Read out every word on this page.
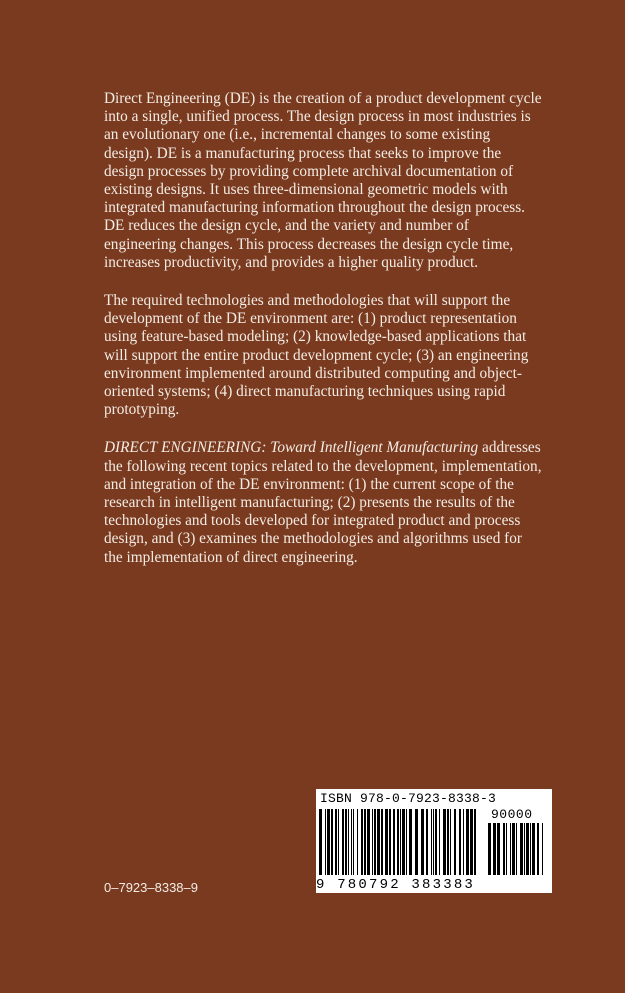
Direct Engineering (DE) is the creation of a product development cycle into a single, unified process. The design process in most industries is an evolutionary one (i.e., incremental changes to some existing design). DE is a manufacturing process that seeks to improve the design processes by providing complete archival documentation of existing designs. It uses three-dimensional geometric models with integrated manufacturing information throughout the design process. DE reduces the design cycle, and the variety and number of engineering changes. This process decreases the design cycle time, increases productivity, and provides a higher quality product.

The required technologies and methodologies that will support the development of the DE environment are: (1) product representation using feature-based modeling; (2) knowledge-based applications that will support the entire product development cycle; (3) an engineering environment implemented around distributed computing and object-oriented systems; (4) direct manufacturing techniques using rapid prototyping.

DIRECT ENGINEERING: Toward Intelligent Manufacturing addresses the following recent topics related to the development, implementation, and integration of the DE environment: (1) the current scope of the research in intelligent manufacturing; (2) presents the results of the technologies and tools developed for integrated product and process design, and (3) examines the methodologies and algorithms used for the implementation of direct engineering.

ISBN 978-0-7923-8338-3
90000
9 780792 383383
0–7923–8338–9
